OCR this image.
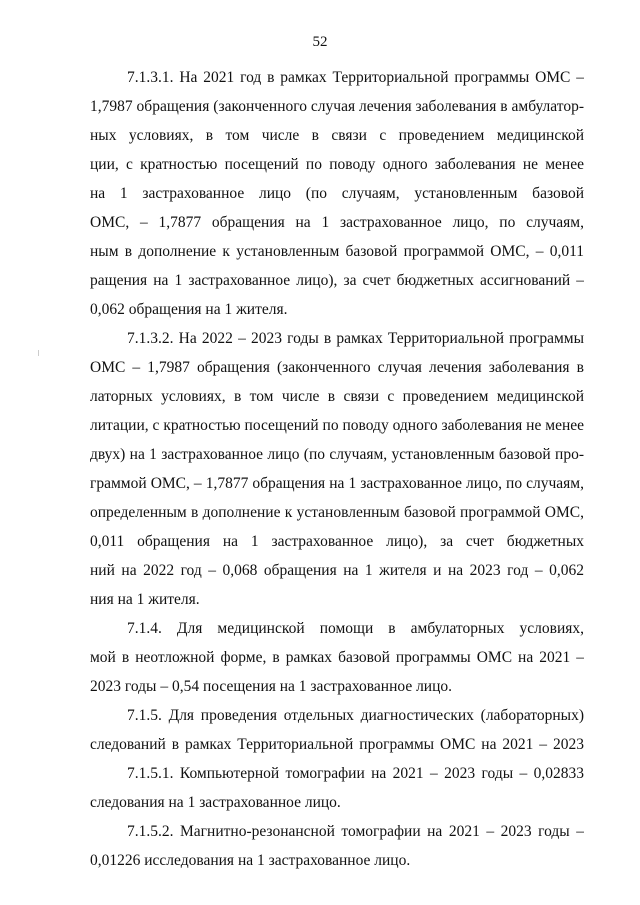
52
7.1.3.1. На 2021 год в рамках Территориальной программы ОМС –
1,7987 обращения (законченного случая лечения заболевания в амбулатор-
ных условиях, в том числе в связи с проведением медицинской
ции, с кратностью посещений по поводу одного заболевания не менее
на 1 застрахованное лицо (по случаям, установленным базовой
ОМС, – 1,7877 обращения на 1 застрахованное лицо, по случаям,
ным в дополнение к установленным базовой программой ОМС, – 0,011
ращения на 1 застрахованное лицо), за счет бюджетных ассигнований –
0,062 обращения на 1 жителя.
7.1.3.2. На 2022 – 2023 годы в рамках Территориальной программы
ОМС – 1,7987 обращения (законченного случая лечения заболевания в
латорных условиях, в том числе в связи с проведением медицинской
литации, с кратностью посещений по поводу одного заболевания не менее
двух) на 1 застрахованное лицо (по случаям, установленным базовой про-
граммой ОМС, – 1,7877 обращения на 1 застрахованное лицо, по случаям,
определенным в дополнение к установленным базовой программой ОМС,
0,011 обращения на 1 застрахованное лицо), за счет бюджетных
ний на 2022 год – 0,068 обращения на 1 жителя и на 2023 год – 0,062
ния на 1 жителя.
7.1.4. Для медицинской помощи в амбулаторных условиях,
мой в неотложной форме, в рамках базовой программы ОМС на 2021 –
2023 годы – 0,54 посещения на 1 застрахованное лицо.
7.1.5. Для проведения отдельных диагностических (лабораторных)
следований в рамках Территориальной программы ОМС на 2021 – 2023
7.1.5.1. Компьютерной томографии на 2021 – 2023 годы – 0,02833
следования на 1 застрахованное лицо.
7.1.5.2. Магнитно-резонансной томографии на 2021 – 2023 годы –
0,01226 исследования на 1 застрахованное лицо.
